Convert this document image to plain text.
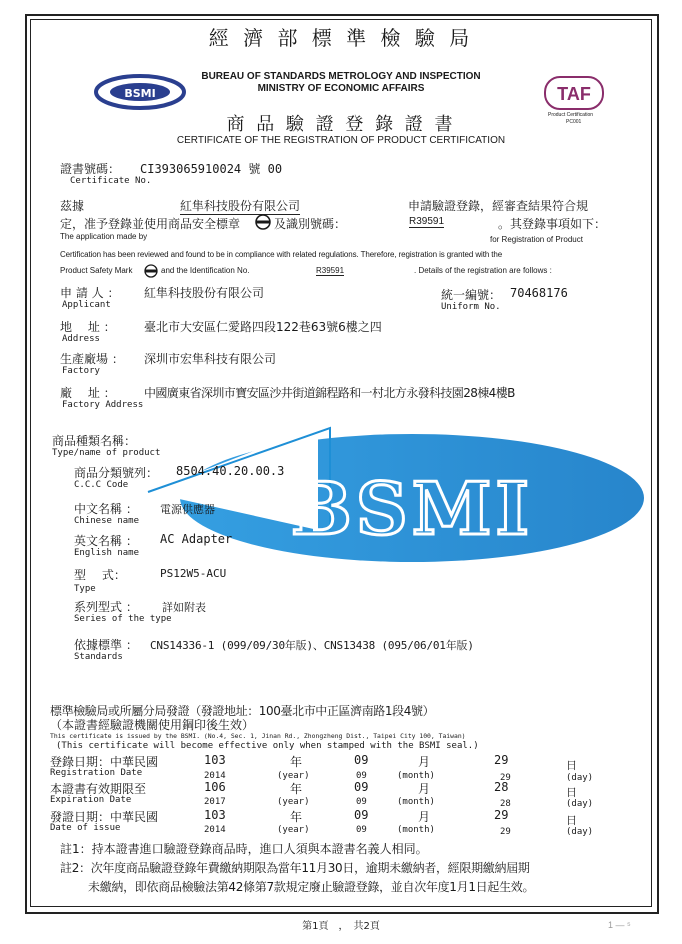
BSMI
BSMI	TAF
Product Certification
PC001
經 濟 部 標 準 檢 驗 局
BUREAU OF STANDARDS METROLOGY AND INSPECTION
MINISTRY OF ECONOMIC AFFAIRS
商 品 驗 證 登 錄 證 書
CERTIFICATE OF THE REGISTRATION OF PRODUCT CERTIFICATION
證書號碼： CI393065910024 號 00
Certificate No.
茲據	紅隼科技股份有限公司	申請驗證登錄，經審查結果符合規
定，准予登錄並使用商品安全標章	及識別號碼：	R39591	。其登錄事項如下：
The application made by	for Registration of Product
Certification has been reviewed and found to be in compliance with related regulations. Therefore, registration is granted with the
Product Safety Mark	and the Identification No.	R39591	. Details of the registration are follows :
申 請 人 ： 紅隼科技股份有限公司
Applicant
統一編號： 70468176
Uniform No.
地　 址 ： 臺北市大安區仁愛路四段122巷63號6樓之四
Address
生產廠場 ： 深圳市宏隼科技有限公司
Factory
廠　 址 ： 中國廣東省深圳市寶安區沙井街道錦程路和一村北方永發科技園28棟4樓B
Factory Address
商品種類名稱：
Type/name of product
商品分類號列： 8504.40.20.00.3
C.C.C Code
中文名稱 ： 電源供應器
Chinese name
英文名稱 ： AC Adapter
English name
型　 式：	PS12W5-ACU
Type
系列型式 ： 詳如附表
Series of the type
依據標準 ： CNS14336-1 (099/09/30年版)、CNS13438 (095/06/01年版)
Standards
標準檢驗局或所屬分局發證（發證地址：100臺北市中正區濟南路1段4號）
（本證書經驗證機關使用鋼印後生效）
This certificate is issued by the BSMI. (No.4, Sec. 1, Jinan Rd., Zhongzheng Dist., Taipei City 100, Taiwan)
(This certificate will become effective only when stamped with the BSMI seal.)
登錄日期：中華民國	103	年	09	月	29	日
Registration Date	2014	(year)	09	(month)	29	(day)
本證書有效期限至	106	年	09	月	28	日
Expiration Date	2017	(year)	09	(month)	28	(day)
發證日期：中華民國	103	年	09	月	29	日
Date of issue	2014	(year)	09	(month)	29	(day)
註1：持本證書進口驗證登錄商品時，進口人須與本證書名義人相同。
註2：次年度商品驗證登錄年費繳納期限為當年11月30日，逾期未繳納者，經限期繳納屆期
未繳納，即依商品檢驗法第42條第7款規定廢止驗證登錄，並自次年度1月1日起生效。
第1頁　，　共2頁	1 — ⁵
